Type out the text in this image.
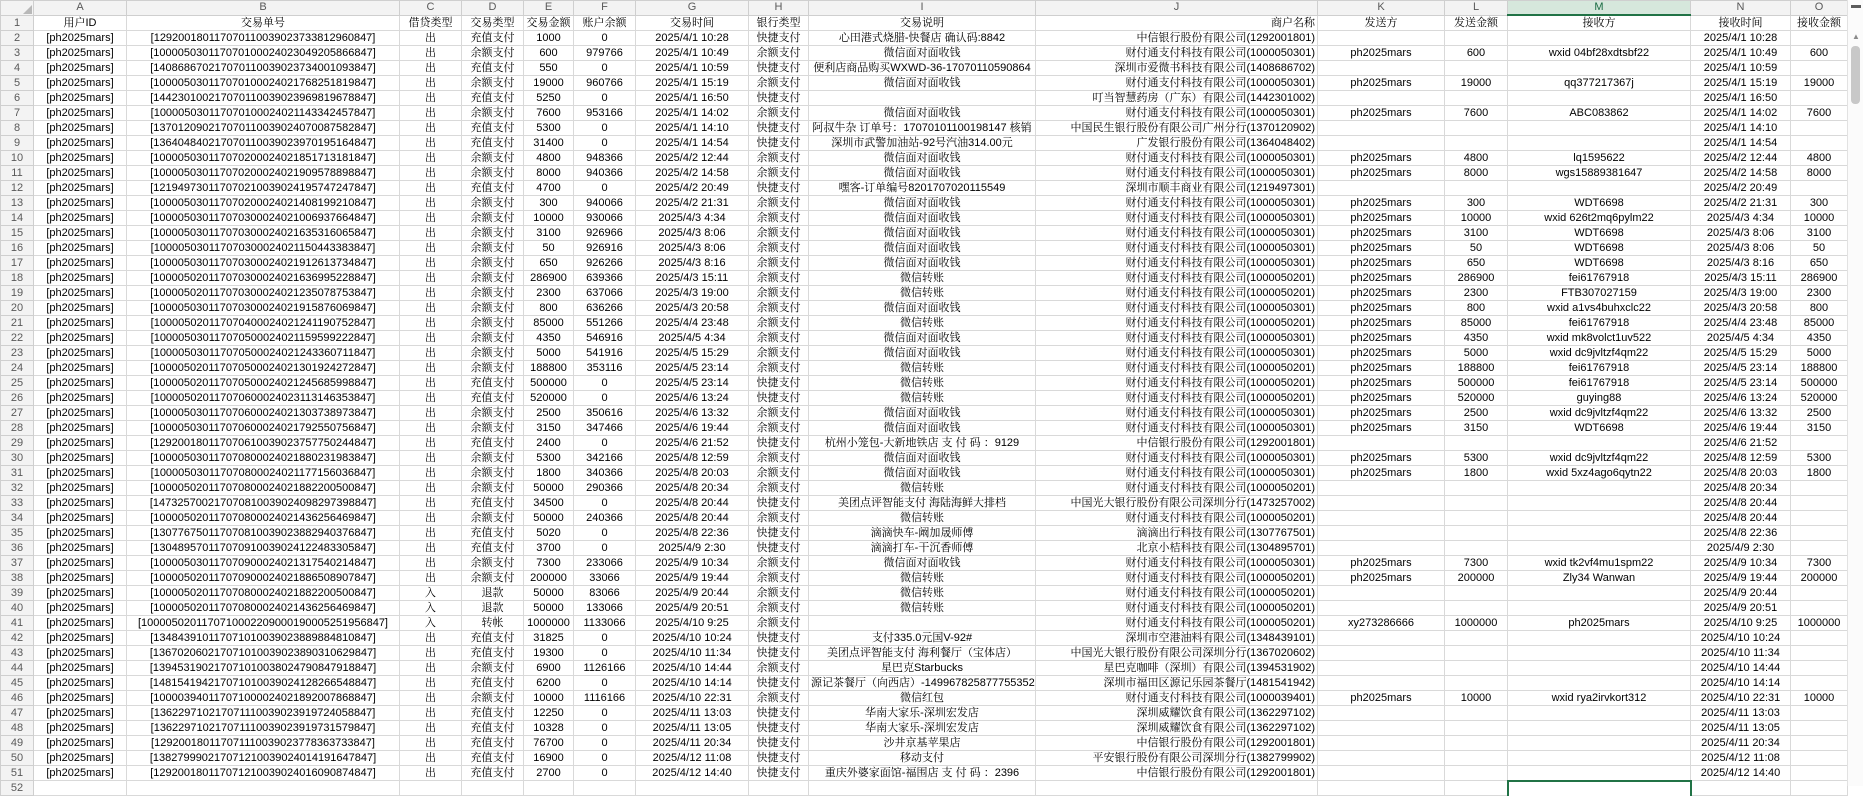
	A	B	C	D	E	F	G	H	I	J	K	L	M	N	O
1	用户ID	交易单号	借贷类型	交易类型	交易金额	账户余额	交易时间	银行类型	交易说明	商户名称	发送方	发送金额	接收方	接收时间	接收金额
2	[ph2025mars]	[129200180117070110039023733812960847]	出	充值支付	1000	0	2025/4/1 10:28	快捷支付	心田港式烧腊-快餐店 确认码:8842	中信银行股份有限公司(1292001801)				2025/4/1 10:28	
3	[ph2025mars]	[100005030117070100024023049205866847]	出	余额支付	600	979766	2025/4/1 10:49	余额支付	微信面对面收钱	财付通支付科技有限公司(1000050301)	ph2025mars	600	wxid 04bf28xdtsbf22	2025/4/1 10:49	600
4	[ph2025mars]	[140868670217070110039023734001093847]	出	充值支付	550	0	2025/4/1 10:59	快捷支付	便利店商品购买WXWD-36-17070110590864	深圳市爱微书科技有限公司(1408686702)				2025/4/1 10:59	
5	[ph2025mars]	[100005030117070100024021768251819847]	出	余额支付	19000	960766	2025/4/1 15:19	余额支付	微信面对面收钱	财付通支付科技有限公司(1000050301)	ph2025mars	19000	qq377217367j	2025/4/1 15:19	19000
6	[ph2025mars]	[144230100217070110039023969819678847]	出	充值支付	5250	0	2025/4/1 16:50	快捷支付		叮当智慧药房（广东）有限公司(1442301002)				2025/4/1 16:50	
7	[ph2025mars]	[100005030117070100024021143342457847]	出	余额支付	7600	953166	2025/4/1 14:02	余额支付	微信面对面收钱	财付通支付科技有限公司(1000050301)	ph2025mars	7600	ABC083862	2025/4/1 14:02	7600
8	[ph2025mars]	[137012090217070110039024070087582847]	出	充值支付	5300	0	2025/4/1 14:10	快捷支付	阿叔牛杂 订单号：17070101100198147 核销	中国民生银行股份有限公司广州分行(1370120902)				2025/4/1 14:10	
9	[ph2025mars]	[136404840217070110039023970195164847]	出	充值支付	31400	0	2025/4/1 14:54	快捷支付	深圳市武警加油站-92号汽油314.00元	广发银行股份有限公司(1364048402)				2025/4/1 14:54	
10	[ph2025mars]	[100005030117070200024021851713181847]	出	余额支付	4800	948366	2025/4/2 12:44	余额支付	微信面对面收钱	财付通支付科技有限公司(1000050301)	ph2025mars	4800	lq1595622	2025/4/2 12:44	4800
11	[ph2025mars]	[100005030117070200024021909578898847]	出	余额支付	8000	940366	2025/4/2 14:58	余额支付	微信面对面收钱	财付通支付科技有限公司(1000050301)	ph2025mars	8000	wgs15889381647	2025/4/2 14:58	8000
12	[ph2025mars]	[121949730117070210039024195747247847]	出	充值支付	4700	0	2025/4/2 20:49	快捷支付	嘿客-订单编号8201707020115549	深圳市顺丰商业有限公司(1219497301)				2025/4/2 20:49	
13	[ph2025mars]	[100005030117070200024021408199210847]	出	余额支付	300	940066	2025/4/2 21:31	余额支付	微信面对面收钱	财付通支付科技有限公司(1000050301)	ph2025mars	300	WDT6698	2025/4/2 21:31	300
14	[ph2025mars]	[100005030117070300024021006937664847]	出	余额支付	10000	930066	2025/4/3 4:34	余额支付	微信面对面收钱	财付通支付科技有限公司(1000050301)	ph2025mars	10000	wxid 626t2mq6pylm22	2025/4/3 4:34	10000
15	[ph2025mars]	[100005030117070300024021635316065847]	出	余额支付	3100	926966	2025/4/3 8:06	余额支付	微信面对面收钱	财付通支付科技有限公司(1000050301)	ph2025mars	3100	WDT6698	2025/4/3 8:06	3100
16	[ph2025mars]	[100005030117070300024021150443383847]	出	余额支付	50	926916	2025/4/3 8:06	余额支付	微信面对面收钱	财付通支付科技有限公司(1000050301)	ph2025mars	50	WDT6698	2025/4/3 8:06	50
17	[ph2025mars]	[100005030117070300024021912613734847]	出	余额支付	650	926266	2025/4/3 8:16	余额支付	微信面对面收钱	财付通支付科技有限公司(1000050301)	ph2025mars	650	WDT6698	2025/4/3 8:16	650
18	[ph2025mars]	[100005020117070300024021636995228847]	出	余额支付	286900	639366	2025/4/3 15:11	余额支付	微信转账	财付通支付科技有限公司(1000050201)	ph2025mars	286900	fei61767918	2025/4/3 15:11	286900
19	[ph2025mars]	[100005020117070300024021235078753847]	出	余额支付	2300	637066	2025/4/3 19:00	余额支付	微信转账	财付通支付科技有限公司(1000050201)	ph2025mars	2300	FTB307027159	2025/4/3 19:00	2300
20	[ph2025mars]	[100005030117070300024021915876069847]	出	余额支付	800	636266	2025/4/3 20:58	余额支付	微信面对面收钱	财付通支付科技有限公司(1000050301)	ph2025mars	800	wxid a1vs4buhxclc22	2025/4/3 20:58	800
21	[ph2025mars]	[100005020117070400024021241190752847]	出	余额支付	85000	551266	2025/4/4 23:48	余额支付	微信转账	财付通支付科技有限公司(1000050201)	ph2025mars	85000	fei61767918	2025/4/4 23:48	85000
22	[ph2025mars]	[100005030117070500024021159599222847]	出	余额支付	4350	546916	2025/4/5 4:34	余额支付	微信面对面收钱	财付通支付科技有限公司(1000050301)	ph2025mars	4350	wxid mk8volct1uv522	2025/4/5 4:34	4350
23	[ph2025mars]	[100005030117070500024021243360711847]	出	余额支付	5000	541916	2025/4/5 15:29	余额支付	微信面对面收钱	财付通支付科技有限公司(1000050301)	ph2025mars	5000	wxid dc9jvltzf4qm22	2025/4/5 15:29	5000
24	[ph2025mars]	[100005020117070500024021301924272847]	出	余额支付	188800	353116	2025/4/5 23:14	余额支付	微信转账	财付通支付科技有限公司(1000050201)	ph2025mars	188800	fei61767918	2025/4/5 23:14	188800
25	[ph2025mars]	[100005020117070500024021245685998847]	出	充值支付	500000	0	2025/4/5 23:14	快捷支付	微信转账	财付通支付科技有限公司(1000050201)	ph2025mars	500000	fei61767918	2025/4/5 23:14	500000
26	[ph2025mars]	[100005020117070600024023113146353847]	出	充值支付	520000	0	2025/4/6 13:24	快捷支付	微信转账	财付通支付科技有限公司(1000050201)	ph2025mars	520000	guying88	2025/4/6 13:24	520000
27	[ph2025mars]	[100005030117070600024021303738973847]	出	余额支付	2500	350616	2025/4/6 13:32	余额支付	微信面对面收钱	财付通支付科技有限公司(1000050301)	ph2025mars	2500	wxid dc9jvltzf4qm22	2025/4/6 13:32	2500
28	[ph2025mars]	[100005030117070600024021792550756847]	出	余额支付	3150	347466	2025/4/6 19:44	余额支付	微信面对面收钱	财付通支付科技有限公司(1000050301)	ph2025mars	3150	WDT6698	2025/4/6 19:44	3150
29	[ph2025mars]	[129200180117070610039023757750244847]	出	充值支付	2400	0	2025/4/6 21:52	快捷支付	杭州小笼包-大新地铁店 支 付 码 ：9129	中信银行股份有限公司(1292001801)				2025/4/6 21:52	
30	[ph2025mars]	[100005030117070800024021880231983847]	出	余额支付	5300	342166	2025/4/8 12:59	余额支付	微信面对面收钱	财付通支付科技有限公司(1000050301)	ph2025mars	5300	wxid dc9jvltzf4qm22	2025/4/8 12:59	5300
31	[ph2025mars]	[100005030117070800024021177156036847]	出	余额支付	1800	340366	2025/4/8 20:03	余额支付	微信面对面收钱	财付通支付科技有限公司(1000050301)	ph2025mars	1800	wxid 5xz4ago6qytn22	2025/4/8 20:03	1800
32	[ph2025mars]	[100005020117070800024021882200500847]	出	余额支付	50000	290366	2025/4/8 20:34	余额支付	微信转账	财付通支付科技有限公司(1000050201)				2025/4/8 20:34	
33	[ph2025mars]	[147325700217070810039024098297398847]	出	充值支付	34500	0	2025/4/8 20:44	快捷支付	美团点评智能支付 海陆海鲜大排档	中国光大银行股份有限公司深圳分行(1473257002)				2025/4/8 20:44	
34	[ph2025mars]	[100005020117070800024021436256469847]	出	余额支付	50000	240366	2025/4/8 20:44	余额支付	微信转账	财付通支付科技有限公司(1000050201)				2025/4/8 20:44	
35	[ph2025mars]	[130776750117070810039023882940376847]	出	充值支付	5020	0	2025/4/8 22:36	快捷支付	滴滴快车-阚加晟师傅	滴滴出行科技有限公司(1307767501)				2025/4/8 22:36	
36	[ph2025mars]	[130489570117070910039024122483305847]	出	充值支付	3700	0	2025/4/9 2:30	快捷支付	滴滴打车-干沉香师傅	北京小桔科技有限公司(1304895701)				2025/4/9 2:30	
37	[ph2025mars]	[100005030117070900024021317540214847]	出	余额支付	7300	233066	2025/4/9 10:34	余额支付	微信面对面收钱	财付通支付科技有限公司(1000050301)	ph2025mars	7300	wxid tk2vf4mu1spm22	2025/4/9 10:34	7300
38	[ph2025mars]	[100005020117070900024021886508907847]	出	余额支付	200000	33066	2025/4/9 19:44	余额支付	微信转账	财付通支付科技有限公司(1000050201)	ph2025mars	200000	Zly34 Wanwan	2025/4/9 19:44	200000
39	[ph2025mars]	[100005020117070800024021882200500847]	入	退款	50000	83066	2025/4/9 20:44	余额支付	微信转账	财付通支付科技有限公司(1000050201)				2025/4/9 20:44	
40	[ph2025mars]	[100005020117070800024021436256469847]	入	退款	50000	133066	2025/4/9 20:51	余额支付	微信转账	财付通支付科技有限公司(1000050201)				2025/4/9 20:51	
41	[ph2025mars]	[1000050201170710002209000190005251956847]	入	转帐	1000000	1133066	2025/4/10 9:25	余额支付		财付通支付科技有限公司(1000050201)	xy273286666	1000000	ph2025mars	2025/4/10 9:25	1000000
42	[ph2025mars]	[134843910117071010039023889884810847]	出	充值支付	31825	0	2025/4/10 10:24	快捷支付	支付335.0元国V-92#	深圳市空港油料有限公司(1348439101)				2025/4/10 10:24	
43	[ph2025mars]	[136702060217071010039023890310629847]	出	充值支付	19300	0	2025/4/10 11:34	快捷支付	美团点评智能支付 海利餐厅（宝体店）	中国光大银行股份有限公司深圳分行(1367020602)				2025/4/10 11:34	
44	[ph2025mars]	[139453190217071010038024790847918847]	出	余额支付	6900	1126166	2025/4/10 14:44	余额支付	星巴克Starbucks	星巴克咖啡（深圳）有限公司(1394531902)				2025/4/10 14:44	
45	[ph2025mars]	[148154194217071010039024128266548847]	出	充值支付	6200	0	2025/4/10 14:14	快捷支付	源记茶餐厅（向西店）-149967825877755352	深圳市福田区源记乐园茶餐厅(1481541942)				2025/4/10 14:14	
46	[ph2025mars]	[100003940117071000024021892007868847]	出	余额支付	10000	1116166	2025/4/10 22:31	余额支付	微信红包	财付通支付科技有限公司(1000039401)	ph2025mars	10000	wxid rya2irvkort312	2025/4/10 22:31	10000
47	[ph2025mars]	[136229710217071110039023919724058847]	出	充值支付	12250	0	2025/4/11 13:03	快捷支付	华南大家乐-深圳宏发店	深圳威耀饮食有限公司(1362297102)				2025/4/11 13:03	
48	[ph2025mars]	[136229710217071110039023919731579847]	出	充值支付	10328	0	2025/4/11 13:05	快捷支付	华南大家乐-深圳宏发店	深圳威耀饮食有限公司(1362297102)				2025/4/11 13:05	
49	[ph2025mars]	[129200180117071110039023778363733847]	出	充值支付	76700	0	2025/4/11 20:34	快捷支付	沙井京基苹果店	中信银行股份有限公司(1292001801)				2025/4/11 20:34	
50	[ph2025mars]	[138279990217071210039024014191647847]	出	充值支付	16900	0	2025/4/12 11:08	快捷支付	移动支付	平安银行股份有限公司深圳分行(1382799902)				2025/4/12 11:08	
51	[ph2025mars]	[129200180117071210039024016090874847]	出	充值支付	2700	0	2025/4/12 14:40	快捷支付	重庆外婆家面馆-福围店 支 付 码 ：2396	中信银行股份有限公司(1292001801)				2025/4/12 14:40	
52															
▲
